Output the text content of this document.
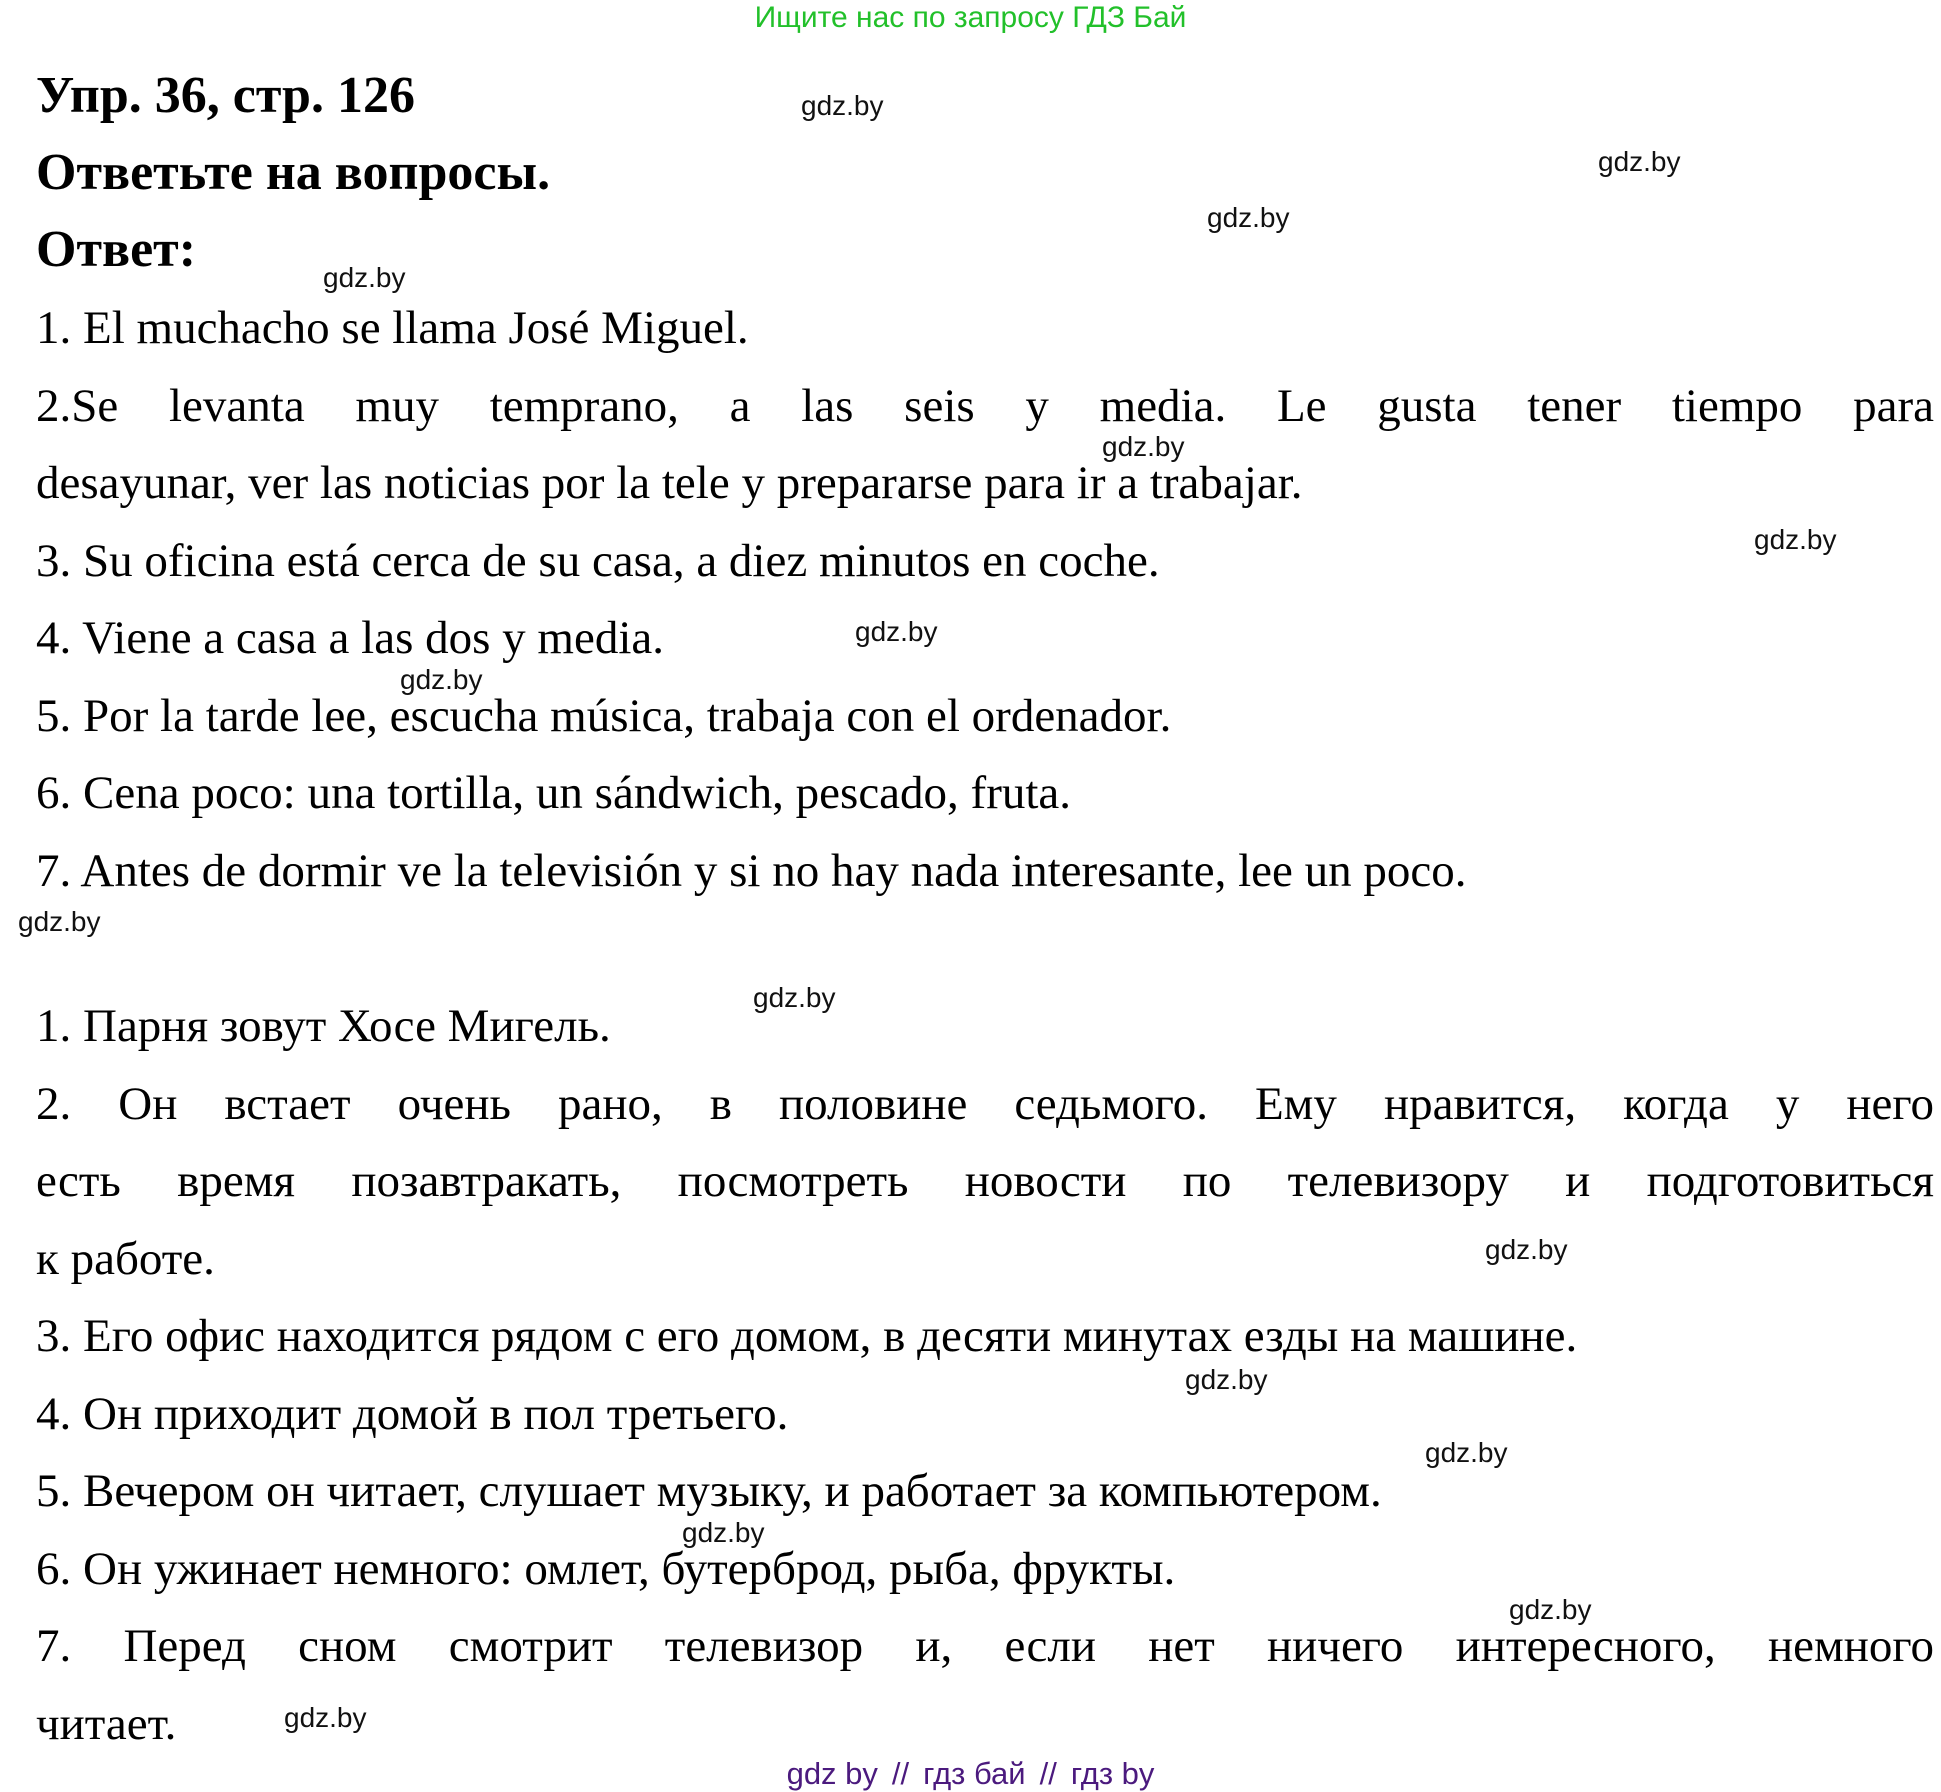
Ищите нас по запросу ГДЗ Бай
Упр. 36, стр. 126
Ответьте на вопросы.
Ответ:
1. El muchacho se llama José Miguel.
2.Se levanta muy temprano, a las seis y media. Le gusta tener tiempo para
desayunar, ver las noticias por la tele y prepararse para ir a trabajar.
3. Su oficina está cerca de su casa, a diez minutos en coche.
4. Viene a casa a las dos y media.
5. Por la tarde lee, escucha música, trabaja con el ordenador.
6. Cena poco: una tortilla, un sándwich, pescado, fruta.
7. Antes de dormir ve la televisión y si no hay nada interesante, lee un poco.
1. Парня зовут Хосе Мигель.
2. Он встает очень рано, в половине седьмого. Ему нравится, когда у него
есть время позавтракать, посмотреть новости по телевизору и подготовиться
к работе.
3. Его офис находится рядом с его домом, в десяти минутах езды на машине.
4. Он приходит домой в пол третьего.
5. Вечером он читает, слушает музыку, и работает за компьютером.
6. Он ужинает немного: омлет, бутерброд, рыба, фрукты.
7. Перед сном смотрит телевизор и, если нет ничего интересного, немного
читает.
gdz.by
gdz.by
gdz.by
gdz.by
gdz.by
gdz.by
gdz.by
gdz.by
gdz.by
gdz.by
gdz.by
gdz.by
gdz.by
gdz.by
gdz.by
gdz.by
gdz by // гдз бай // гдз by
